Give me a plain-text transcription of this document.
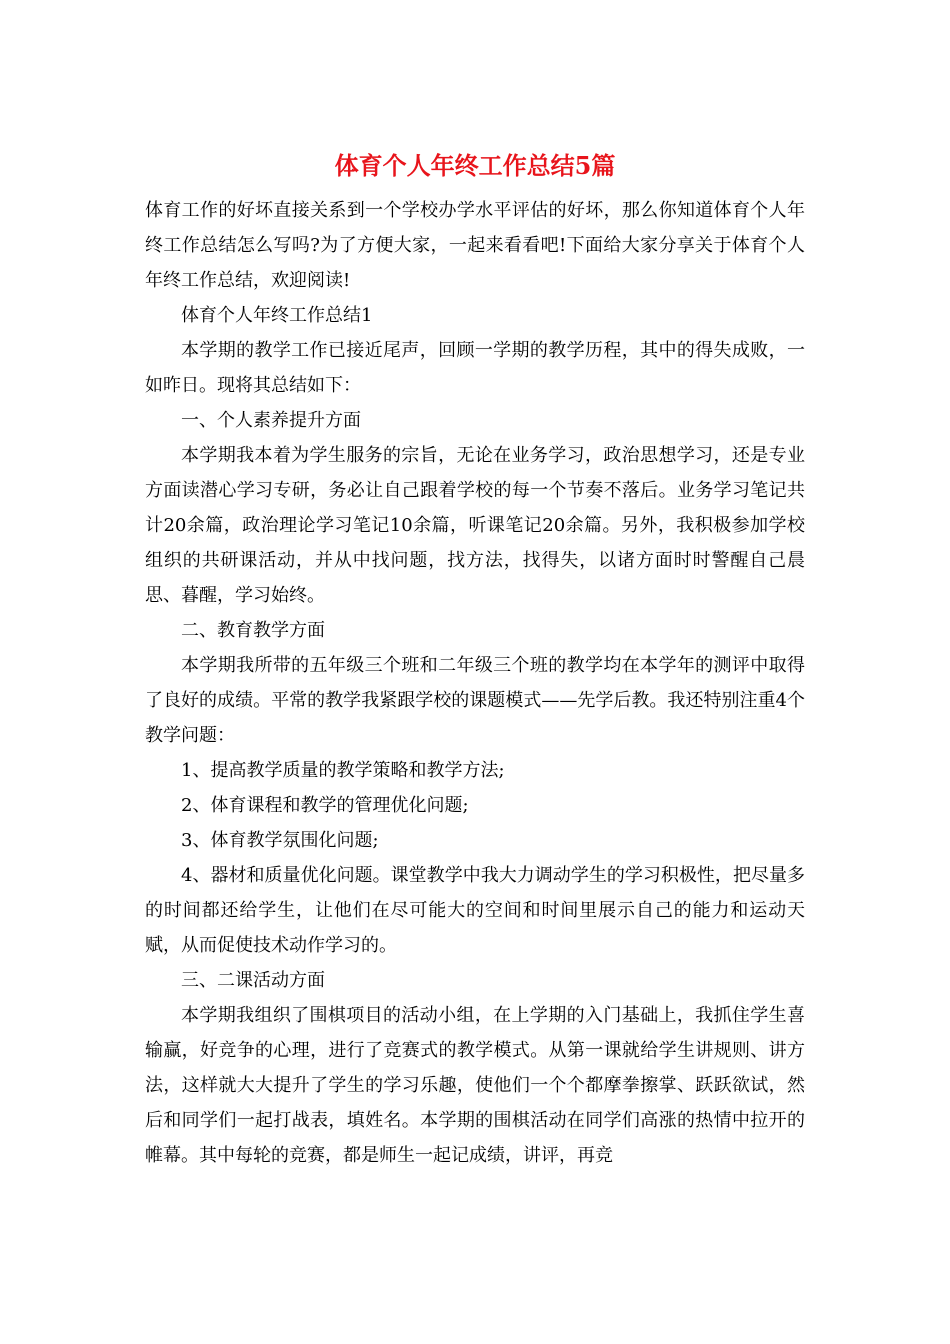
体育个人年终工作总结5篇

体育工作的好坏直接关系到一个学校办学水平评估的好坏，那么你知道体育个人年终工作总结怎么写吗?为了方便大家，一起来看看吧!下面给大家分享关于体育个人年终工作总结，欢迎阅读!

体育个人年终工作总结1

本学期的教学工作已接近尾声，回顾一学期的教学历程，其中的得失成败，一如昨日。现将其总结如下：

一、个人素养提升方面

本学期我本着为学生服务的宗旨，无论在业务学习，政治思想学习，还是专业方面读潜心学习专研，务必让自己跟着学校的每一个节奏不落后。业务学习笔记共计20余篇，政治理论学习笔记10余篇，听课笔记20余篇。另外，我积极参加学校组织的共研课活动，并从中找问题，找方法，找得失，以诸方面时时警醒自己晨思、暮醒，学习始终。

二、教育教学方面

本学期我所带的五年级三个班和二年级三个班的教学均在本学年的测评中取得了良好的成绩。平常的教学我紧跟学校的课题模式——先学后教。我还特别注重4个教学问题：

1、提高教学质量的教学策略和教学方法;

2、体育课程和教学的管理优化问题;

3、体育教学氛围化问题;

4、器材和质量优化问题。课堂教学中我大力调动学生的学习积极性，把尽量多的时间都还给学生，让他们在尽可能大的空间和时间里展示自己的能力和运动天赋，从而促使技术动作学习的。

三、二课活动方面

本学期我组织了围棋项目的活动小组，在上学期的入门基础上，我抓住学生喜输赢，好竞争的心理，进行了竞赛式的教学模式。从第一课就给学生讲规则、讲方法，这样就大大提升了学生的学习乐趣，使他们一个个都摩拳擦掌、跃跃欲试，然后和同学们一起打战表，填姓名。本学期的围棋活动在同学们高涨的热情中拉开的帷幕。其中每轮的竞赛，都是师生一起记成绩，讲评，再竞
